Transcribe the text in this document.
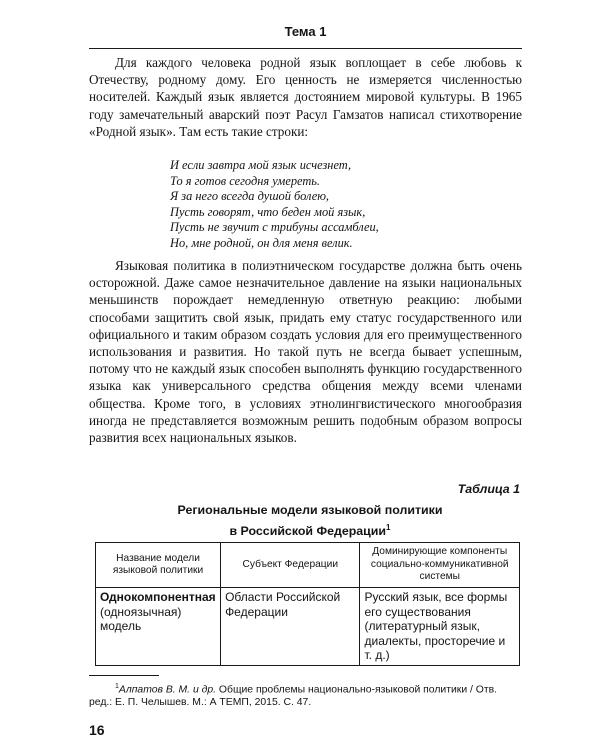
Тема 1

Для каждого человека родной язык воплощает в себе любовь к Отечеству, родному дому. Его ценность не измеряется численностью носителей. Каждый язык является достоянием мировой культуры. В 1965 году замечательный аварский поэт Расул Гамзатов написал стихотворение «Родной язык». Там есть такие строки:

И если завтра мой язык исчезнет,
То я готов сегодня умереть.
Я за него всегда душой болею,
Пусть говорят, что беден мой язык,
Пусть не звучит с трибуны ассамблеи,
Но, мне родной, он для меня велик.

Языковая политика в полиэтническом государстве должна быть очень осторожной. Даже самое незначительное давление на языки национальных меньшинств порождает немедленную ответную реакцию: любыми способами защитить свой язык, придать ему статус государственного или официального и таким образом создать условия для его преимущественного использования и развития. Но такой путь не всегда бывает успешным, потому что не каждый язык способен выполнять функцию государственного языка как универсального средства общения между всеми членами общества. Кроме того, в условиях этнолингвистического многообразия иногда не представляется возможным решить подобным образом вопросы развития всех национальных языков.

Таблица 1
Региональные модели языковой политики
в Российской Федерации$^1$
Название модели языковой политики	Субъект Федерации	Доминирующие компоненты социально-коммуникативной системы
Однокомпонентная (одноязычная) модель	Области Российской Федерации	Русский язык, все формы его существования (литературный язык, диалекты, просторечие и т. д.)

$^1$Алпатов В. М. и др. Общие проблемы национально-языковой политики / Отв. ред.: Е. П. Челышев. М.: А ТЕМП, 2015. С. 47.

16
